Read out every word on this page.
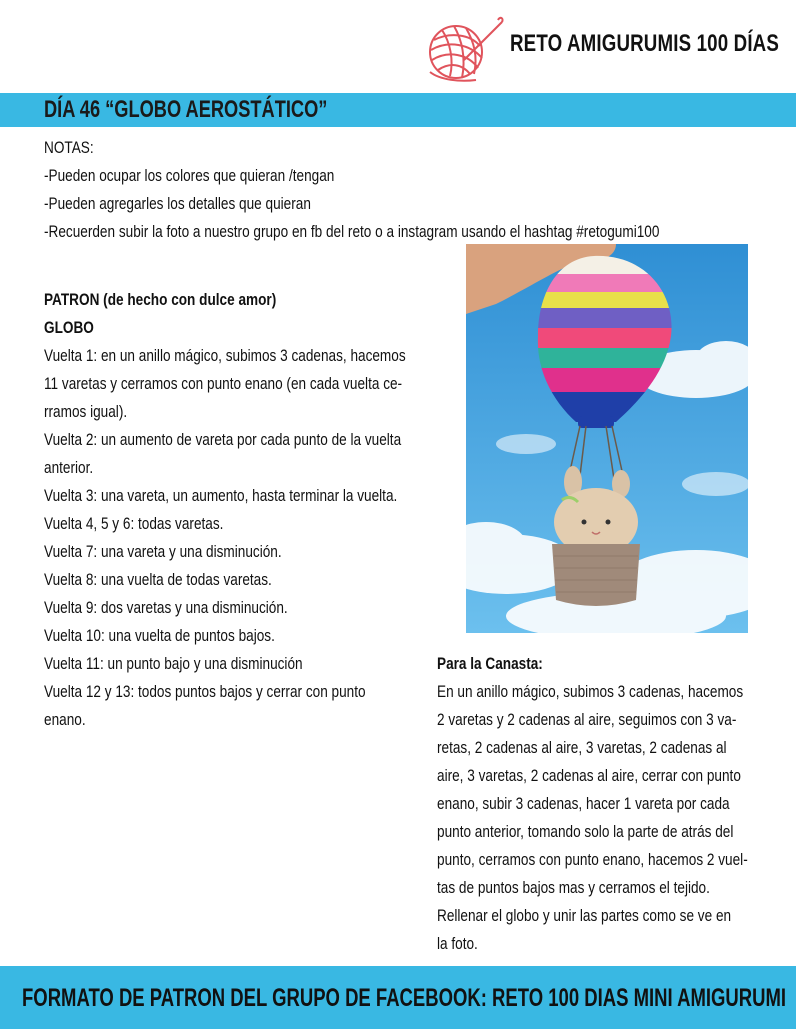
RETO AMIGURUMIS 100 DÍAS
DÍA 46 “GLOBO AEROSTÁTICO”
NOTAS:
-Pueden ocupar los colores que quieran /tengan
-Pueden agregarles los detalles que quieran
-Recuerden subir la foto a nuestro grupo en fb del reto o a instagram usando el hashtag #retogumi100
PATRON (de hecho con dulce amor)
GLOBO
Vuelta 1: en un anillo mágico, subimos 3 cadenas, hacemos
11 varetas y cerramos con punto enano (en cada vuelta ce-
rramos igual).
Vuelta 2: un aumento de vareta por cada punto de la vuelta
anterior.
Vuelta 3: una vareta, un aumento, hasta terminar la vuelta.
Vuelta 4, 5 y 6: todas varetas.
Vuelta 7: una vareta y una disminución.
Vuelta 8: una vuelta de todas varetas.
Vuelta 9: dos varetas y una disminución.
Vuelta 10: una vuelta de puntos bajos.
Vuelta 11: un punto bajo y una disminución
Vuelta 12 y 13: todos puntos bajos y cerrar con punto
enano.
Para la Canasta:
En un anillo mágico, subimos 3 cadenas, hacemos
2 varetas y 2 cadenas al aire, seguimos con 3 va-
retas, 2 cadenas al aire, 3 varetas, 2 cadenas al
aire, 3 varetas, 2 cadenas al aire, cerrar con punto
enano, subir 3 cadenas, hacer 1 vareta por cada
punto anterior, tomando solo la parte de atrás del
punto, cerramos con punto enano, hacemos 2 vuel-
tas de puntos bajos mas y cerramos el tejido.
Rellenar el globo y unir las partes como se ve en
la foto.
FORMATO DE PATRON DEL GRUPO DE FACEBOOK: RETO 100 DIAS MINI AMIGURUMI
